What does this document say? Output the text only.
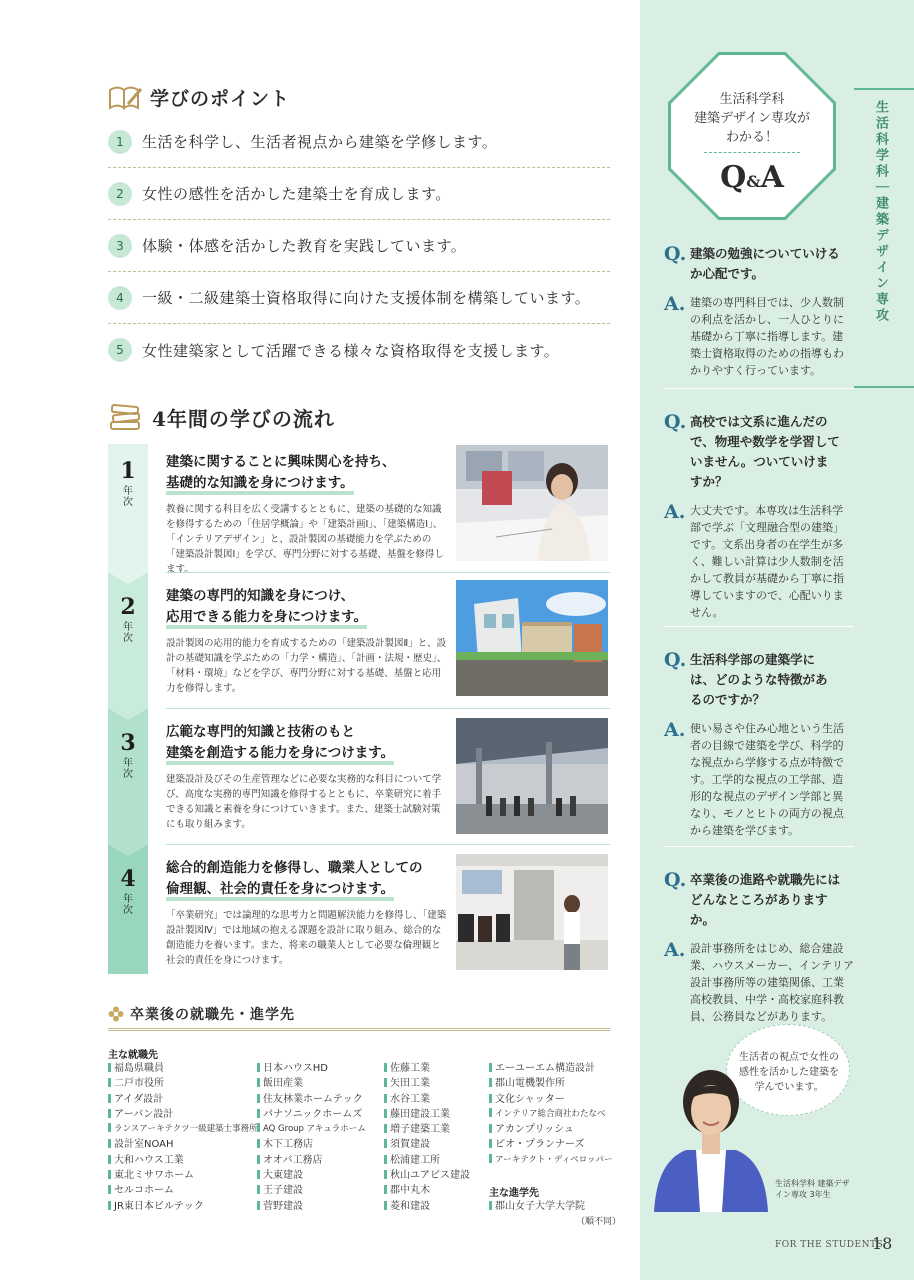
生活科学科｜建築デザイン専攻
生活科学科
建築デザイン専攻が
わかる！
Q&A
Q. 建築の勉強についていけるか心配です。
A. 建築の専門科目では、少人数制の利点を活かし、一人ひとりに基礎から丁寧に指導します。建築士資格取得のための指導もわかりやすく行っています。
Q. 高校では文系に進んだので、物理や数学を学習していません。ついていけますか？
A. 大丈夫です。本専攻は生活科学部で学ぶ「文理融合型の建築」です。文系出身者の在学生が多く、難しい計算は少人数制を活かして教員が基礎から丁寧に指導していますので、心配いりません。
Q. 生活科学部の建築学には、どのような特徴があるのですか？
A. 使い易さや住み心地という生活者の目線で建築を学び、科学的な視点から学修する点が特徴です。工学的な視点の工学部、造形的な視点のデザイン学部と異なり、モノとヒトの両方の視点から建築を学びます。
Q. 卒業後の進路や就職先にはどんなところがありますか。
A. 設計事務所をはじめ、総合建設業、ハウスメーカー、インテリア設計事務所等の建築関係、工業高校教員、中学・高校家庭科教員、公務員などがあります。
生活者の視点で女性の感性を活かした建築を学んでいます。
生活科学科 建築デザイン専攻 3年生
FOR THE STUDENTS
18
学びのポイント
1	生活を科学し、生活者視点から建築を学修します。
2	女性の感性を活かした建築士を育成します。
3	体験・体感を活かした教育を実践しています。
4	一級・二級建築士資格取得に向けた支援体制を構築しています。
5	女性建築家として活躍できる様々な資格取得を支援します。
4年間の学びの流れ
1
年
次
建築に関することに興味関心を持ち、
基礎的な知識を身につけます。
教養に関する科目を広く受講するとともに、建築の基礎的な知識を修得するための「住居学概論」や「建築計画Ⅰ」、「建築構造Ⅰ」、「インテリアデザイン」と、設計製図の基礎能力を学ぶための「建築設計製図Ⅰ」を学び、専門分野に対する基礎、基盤を修得します。
2
年
次
建築の専門的知識を身につけ、
応用できる能力を身につけます。
設計製図の応用的能力を育成するための「建築設計製図Ⅱ」と、設計の基礎知識を学ぶための「力学・構造」、「計画・法規・歴史」、「材料・環境」などを学び、専門分野に対する基礎、基盤と応用力を修得します。
3
年
次
広範な専門的知識と技術のもと
建築を創造する能力を身につけます。
建築設計及びその生産管理などに必要な実務的な科目について学び、高度な実務的専門知識を修得するとともに、卒業研究に着手できる知識と素養を身につけていきます。また、建築士試験対策にも取り組みます。
4
年
次
総合的創造能力を修得し、職業人としての
倫理観、社会的責任を身につけます。
「卒業研究」では論理的な思考力と問題解決能力を修得し、「建築設計製図Ⅳ」では地域の抱える課題を設計に取り組み、総合的な創造能力を養います。また、将来の職業人として必要な倫理観と社会的責任を身につけます。
卒業後の就職先・進学先
主な就職先
福島県職員
二戸市役所
アイダ設計
アーバン設計
ランスアーキテクツ一級建築士事務所
設計室NOAH
大和ハウス工業
東北ミサワホーム
セルコホーム
JR東日本ビルテック
日本ハウスHD
飯田産業
住友林業ホームテック
パナソニックホームズ
AQ Group アキュラホーム
木下工務店
オオバ工務店
大東建設
王子建設
菅野建設
佐藤工業
矢田工業
水谷工業
藤田建設工業
増子建築工業
須賀建設
松浦建工所
秋山ユアビス建設
郡中丸木
菱和建設
エーユーエム構造設計
郡山電機製作所
文化シャッター
インテリア総合商社わたなべ
アカンプリッシュ
ピオ・プランナーズ
アーキテクト・ディベロッパー
主な進学先
郡山女子大学大学院
（順不同）
